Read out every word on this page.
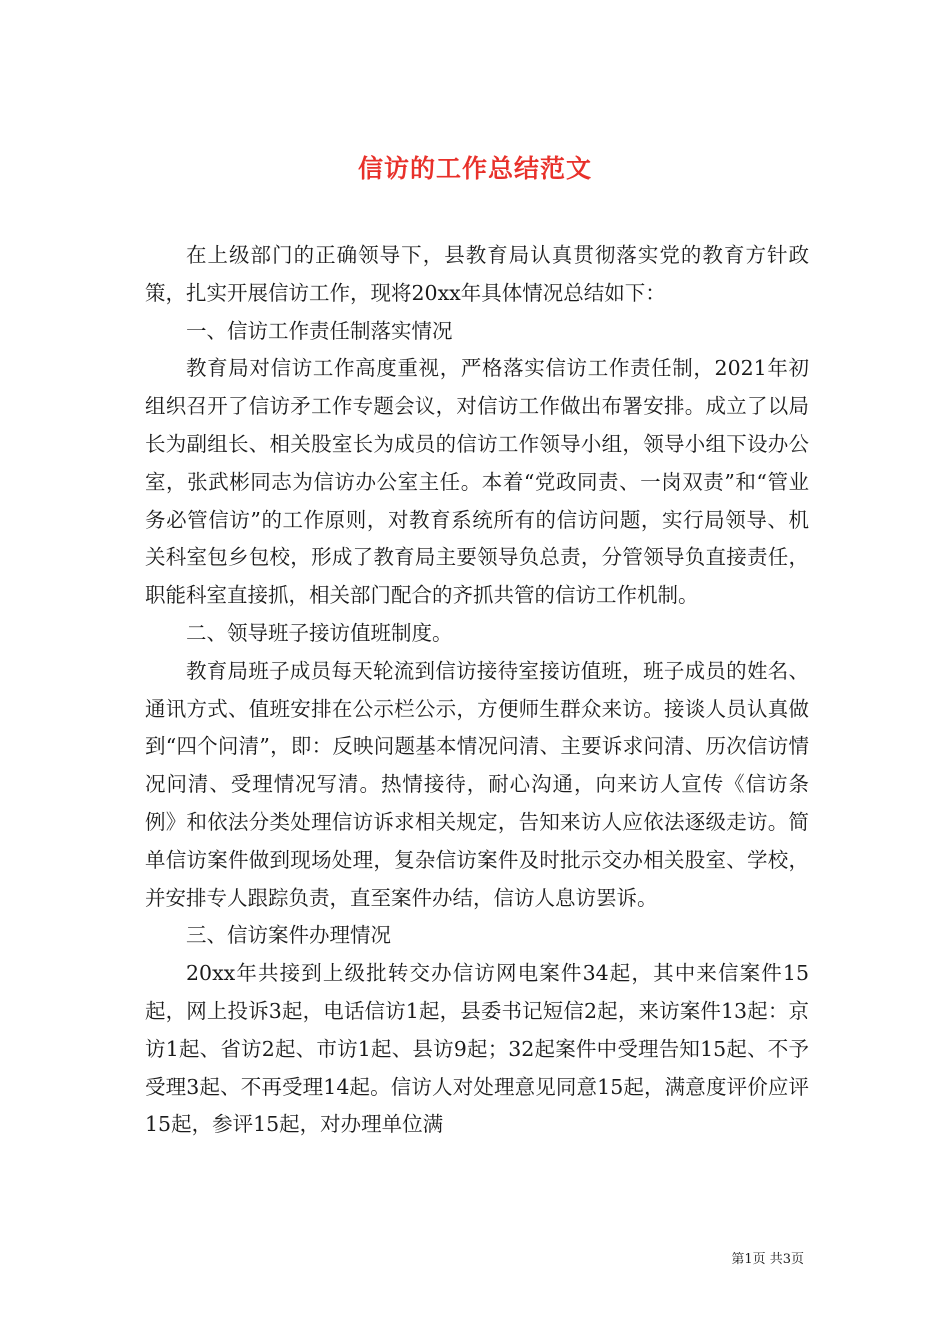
信访的工作总结范文

在上级部门的正确领导下，县教育局认真贯彻落实党的教育方针政策，扎实开展信访工作，现将20xx年具体情况总结如下：

一、信访工作责任制落实情况

教育局对信访工作高度重视，严格落实信访工作责任制，2021年初组织召开了信访矛工作专题会议，对信访工作做出布署安排。成立了以局长为副组长、相关股室长为成员的信访工作领导小组，领导小组下设办公室，张武彬同志为信访办公室主任。本着“党政同责、一岗双责”和“管业务必管信访”的工作原则，对教育系统所有的信访问题，实行局领导、机关科室包乡包校，形成了教育局主要领导负总责，分管领导负直接责任，职能科室直接抓，相关部门配合的齐抓共管的信访工作机制。

二、领导班子接访值班制度。

教育局班子成员每天轮流到信访接待室接访值班，班子成员的姓名、通讯方式、值班安排在公示栏公示，方便师生群众来访。接谈人员认真做到“四个问清”，即：反映问题基本情况问清、主要诉求问清、历次信访情况问清、受理情况写清。热情接待，耐心沟通，向来访人宣传《信访条例》和依法分类处理信访诉求相关规定，告知来访人应依法逐级走访。简单信访案件做到现场处理，复杂信访案件及时批示交办相关股室、学校，并安排专人跟踪负责，直至案件办结，信访人息访罢诉。

三、信访案件办理情况

20xx年共接到上级批转交办信访网电案件34起，其中来信案件15起，网上投诉3起，电话信访1起，县委书记短信2起，来访案件13起：京访1起、省访2起、市访1起、县访9起；32起案件中受理告知15起、不予受理3起、不再受理14起。信访人对处理意见同意15起，满意度评价应评15起，参评15起，对办理单位满

第1页 共3页
